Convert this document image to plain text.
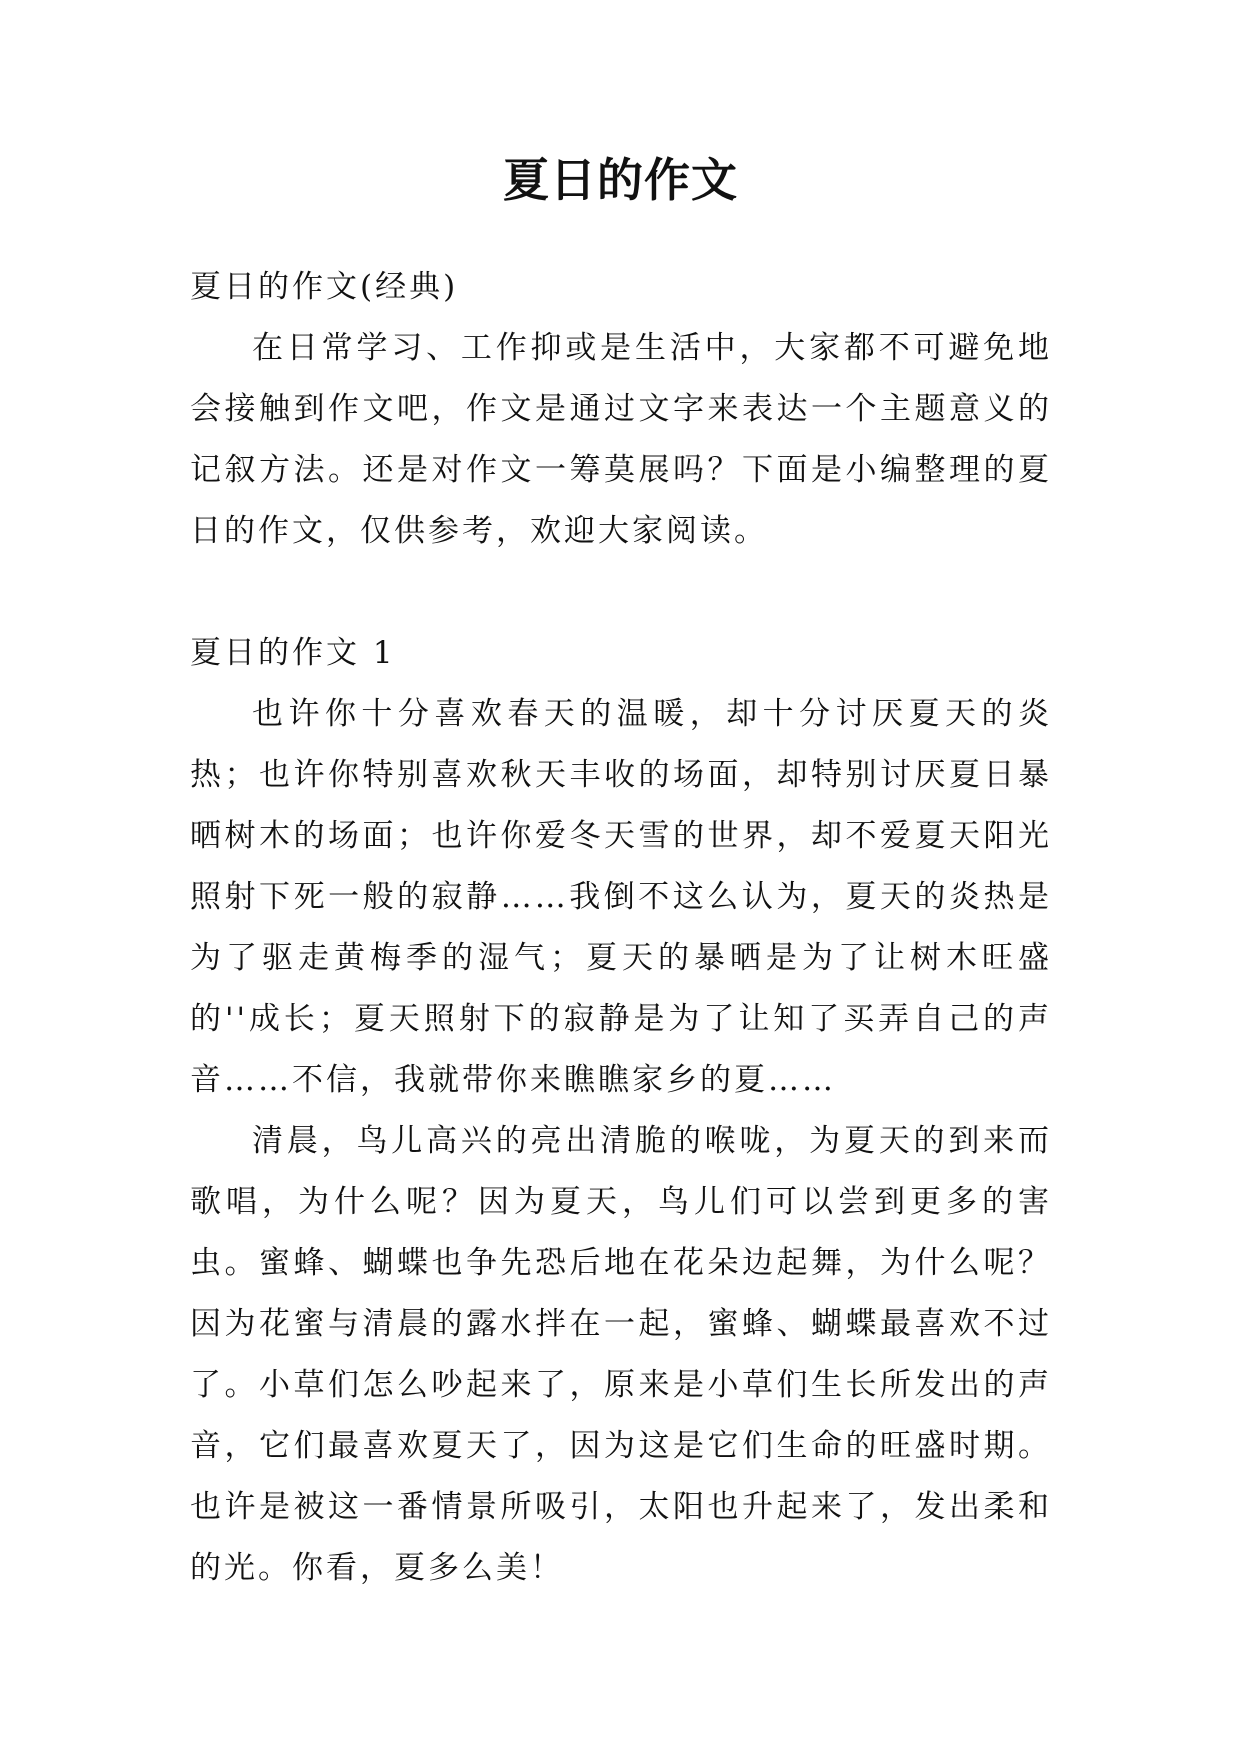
夏日的作文

夏日的作文(经典)

在日常学习、工作抑或是生活中，大家都不可避免地会接触到作文吧，作文是通过文字来表达一个主题意义的记叙方法。还是对作文一筹莫展吗？下面是小编整理的夏日的作文，仅供参考，欢迎大家阅读。

夏日的作文 1

也许你十分喜欢春天的温暖，却十分讨厌夏天的炎热；也许你特别喜欢秋天丰收的场面，却特别讨厌夏日暴晒树木的场面；也许你爱冬天雪的世界，却不爱夏天阳光照射下死一般的寂静……我倒不这么认为，夏天的炎热是为了驱走黄梅季的湿气；夏天的暴晒是为了让树木旺盛的''成长；夏天照射下的寂静是为了让知了买弄自己的声音……不信，我就带你来瞧瞧家乡的夏……

清晨，鸟儿高兴的亮出清脆的喉咙，为夏天的到来而歌唱，为什么呢？因为夏天，鸟儿们可以尝到更多的害虫。蜜蜂、蝴蝶也争先恐后地在花朵边起舞，为什么呢？因为花蜜与清晨的露水拌在一起，蜜蜂、蝴蝶最喜欢不过了。小草们怎么吵起来了，原来是小草们生长所发出的声音，它们最喜欢夏天了，因为这是它们生命的旺盛时期。也许是被这一番情景所吸引，太阳也升起来了，发出柔和的光。你看，夏多么美！
